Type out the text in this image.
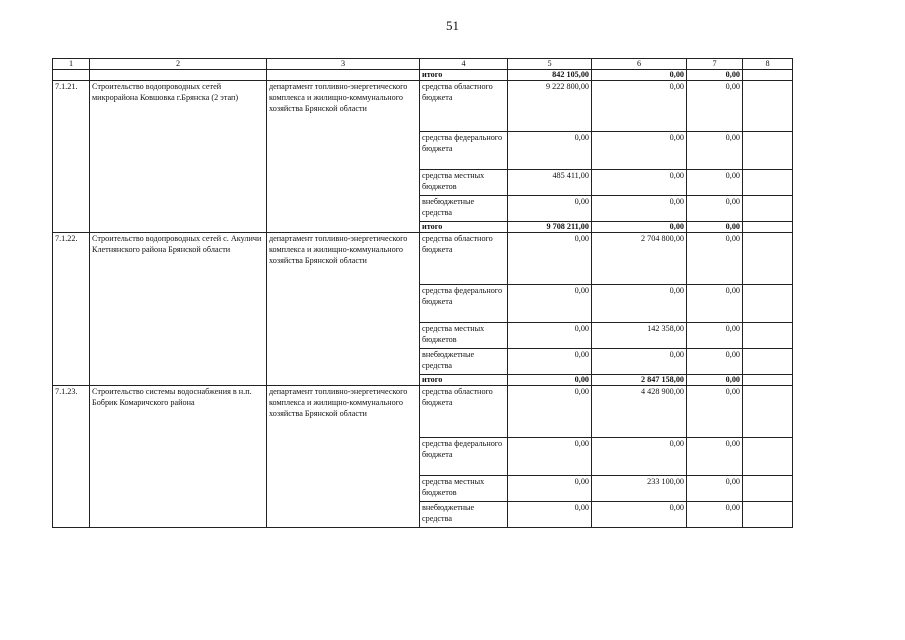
51
1	2	3	4	5	6	7	8
			итого	842 105,00	0,00	0,00	
7.1.21.	Строительство водопроводных сетей микрорайона Ковшовка г.Брянска (2 этап)	департамент топливно-энергетического комплекса и жилищно-коммунального хозяйства Брянской области	средства областного бюджета	9 222 800,00	0,00	0,00	
			средства федерального бюджета	0,00	0,00	0,00	
			средства местных бюджетов	485 411,00	0,00	0,00	
			внебюджетные средства	0,00	0,00	0,00	
			итого	9 708 211,00	0,00	0,00	
7.1.22.	Строительство водопроводных сетей с. Акуличи Клетнянского района Брянской области	департамент топливно-энергетического комплекса и жилищно-коммунального хозяйства Брянской области	средства областного бюджета	0,00	2 704 800,00	0,00	
			средства федерального бюджета	0,00	0,00	0,00	
			средства местных бюджетов	0,00	142 358,00	0,00	
			внебюджетные средства	0,00	0,00	0,00	
			итого	0,00	2 847 158,00	0,00	
7.1.23.	Строительство системы водоснабжения в н.п. Бобрик Комаричского района	департамент топливно-энергетического комплекса и жилищно-коммунального хозяйства Брянской области	средства областного бюджета	0,00	4 428 900,00	0,00	
			средства федерального бюджета	0,00	0,00	0,00	
			средства местных бюджетов	0,00	233 100,00	0,00	
			внебюджетные средства	0,00	0,00	0,00	
